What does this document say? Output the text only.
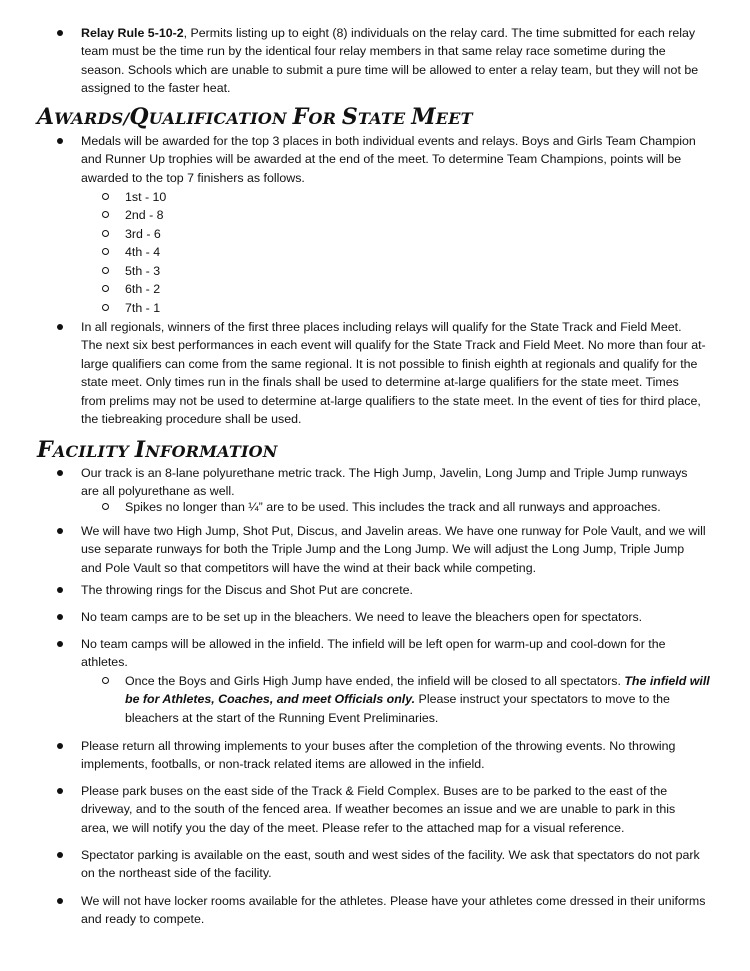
Relay Rule 5-10-2, Permits listing up to eight (8) individuals on the relay card. The time submitted for each relay team must be the time run by the identical four relay members in that same relay race sometime during the season. Schools which are unable to submit a pure time will be allowed to enter a relay team, but they will not be assigned to the faster heat.

AWARDS/QUALIFICATION FOR STATE MEET

Medals will be awarded for the top 3 places in both individual events and relays. Boys and Girls Team Champion and Runner Up trophies will be awarded at the end of the meet. To determine Team Champions, points will be awarded to the top 7 finishers as follows.

1st - 10

2nd - 8

3rd - 6

4th - 4

5th - 3

6th - 2

7th - 1

In all regionals, winners of the first three places including relays will qualify for the State Track and Field Meet. The next six best performances in each event will qualify for the State Track and Field Meet. No more than four at-large qualifiers can come from the same regional. It is not possible to finish eighth at regionals and qualify for the state meet. Only times run in the finals shall be used to determine at-large qualifiers for the state meet. Times from prelims may not be used to determine at-large qualifiers to the state meet. In the event of ties for third place, the tiebreaking procedure shall be used.

FACILITY INFORMATION

Our track is an 8-lane polyurethane metric track. The High Jump, Javelin, Long Jump and Triple Jump runways are all polyurethane as well.

Spikes no longer than ¼” are to be used. This includes the track and all runways and approaches.

We will have two High Jump, Shot Put, Discus, and Javelin areas. We have one runway for Pole Vault, and we will use separate runways for both the Triple Jump and the Long Jump. We will adjust the Long Jump, Triple Jump and Pole Vault so that competitors will have the wind at their back while competing.

The throwing rings for the Discus and Shot Put are concrete.

No team camps are to be set up in the bleachers. We need to leave the bleachers open for spectators.

No team camps will be allowed in the infield. The infield will be left open for warm-up and cool-down for the athletes.

Once the Boys and Girls High Jump have ended, the infield will be closed to all spectators. The infield will be for Athletes, Coaches, and meet Officials only. Please instruct your spectators to move to the bleachers at the start of the Running Event Preliminaries.

Please return all throwing implements to your buses after the completion of the throwing events. No throwing implements, footballs, or non-track related items are allowed in the infield.

Please park buses on the east side of the Track & Field Complex. Buses are to be parked to the east of the driveway, and to the south of the fenced area. If weather becomes an issue and we are unable to park in this area, we will notify you the day of the meet. Please refer to the attached map for a visual reference.

Spectator parking is available on the east, south and west sides of the facility. We ask that spectators do not park on the northeast side of the facility.

We will not have locker rooms available for the athletes. Please have your athletes come dressed in their uniforms and ready to compete.
